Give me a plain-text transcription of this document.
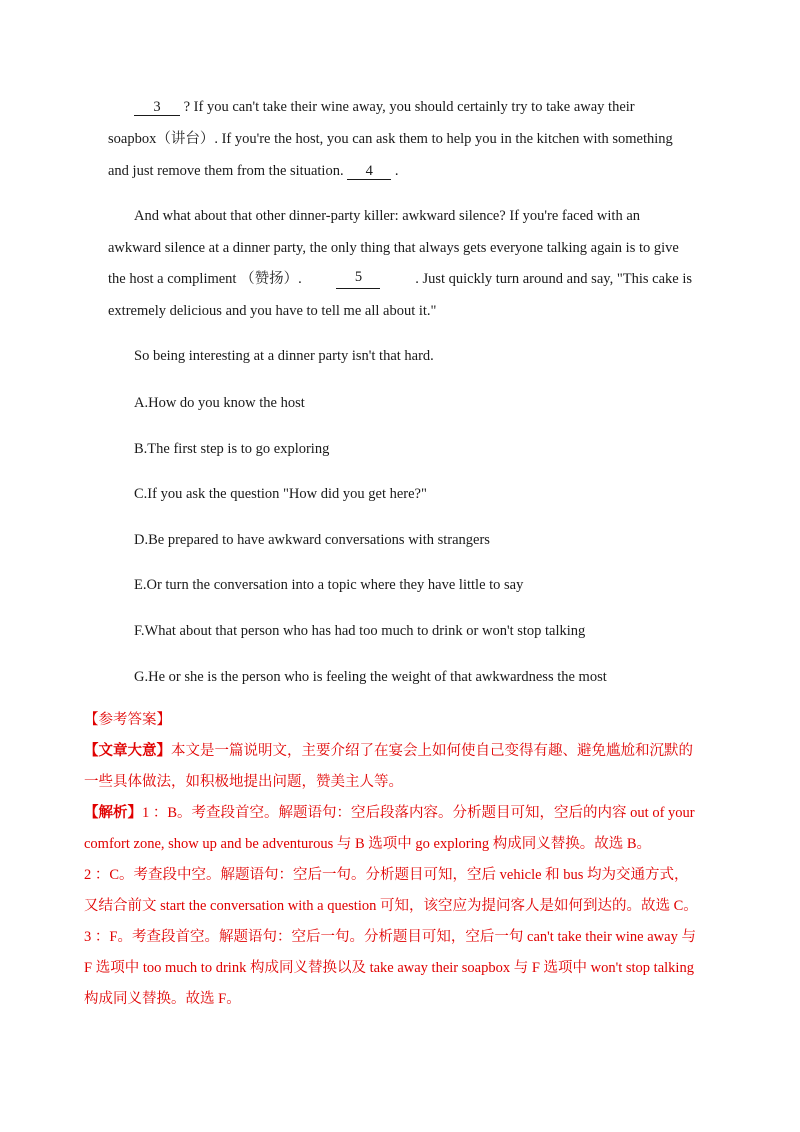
3 ? If you can't take their wine away, you should certainly try to take away their
soapbox（讲台）. If you're the host, you can ask them to help you in the kitchen with something
and just remove them from the situation. 4 .
And what about that other dinner-party killer: awkward silence? If you're faced with an
awkward silence at a dinner party, the only thing that always gets everyone talking again is to give
the host a compliment （赞扬）.	5	. Just quickly turn around and say, "This cake is
extremely delicious and you have to tell me all about it."
So being interesting at a dinner party isn't that hard.
A.How do you know the host
B.The first step is to go exploring
C.If you ask the question "How did you get here?"
D.Be prepared to have awkward conversations with strangers
E.Or turn the conversation into a topic where they have little to say
F.What about that person who has had too much to drink or won't stop talking
G.He or she is the person who is feeling the weight of that awkwardness the most
【参考答案】
【文章大意】本文是一篇说明文，主要介绍了在宴会上如何使自己变得有趣、避免尴尬和沉默的
一些具体做法，如积极地提出问题，赞美主人等。
【解析】1 ：B。考查段首空。解题语句：空后段落内容。分析题目可知，空后的内容 out of your
comfort zone, show up and be adventurous 与 B 选项中 go exploring 构成同义替换。故选 B。
2 ：C。考查段中空。解题语句：空后一句。分析题目可知，空后 vehicle 和 bus 均为交通方式，
又结合前文 start the conversation with a question 可知，该空应为提问客人是如何到达的。故选 C。
3 ：F。考查段首空。解题语句：空后一句。分析题目可知，空后一句 can't take their wine away 与
F 选项中 too much to drink 构成同义替换以及 take away their soapbox 与 F 选项中 won't stop talking
构成同义替换。故选 F。
